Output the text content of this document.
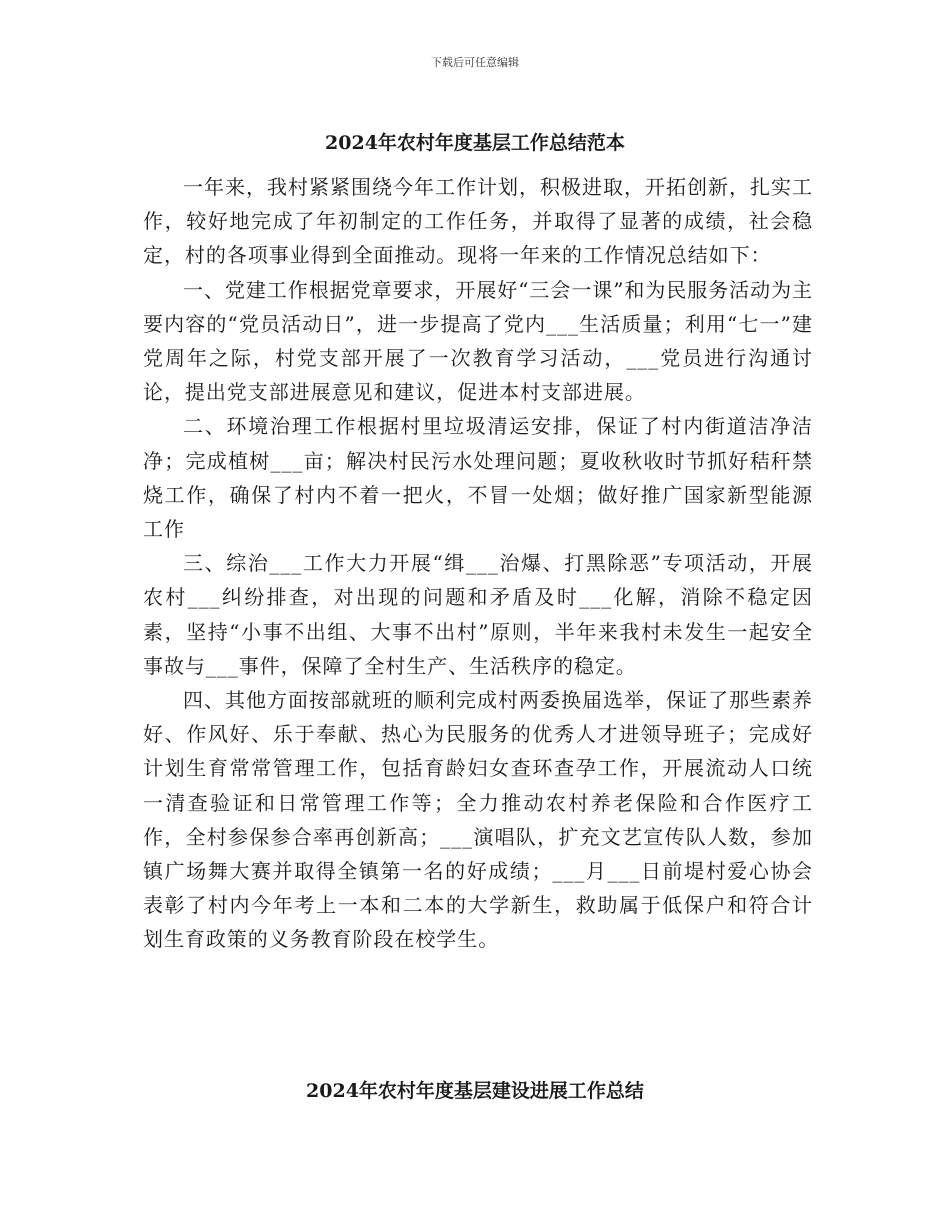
下载后可任意编辑
2024年农村年度基层工作总结范本

一年来，我村紧紧围绕今年工作计划，积极进取，开拓创新，扎实工作，较好地完成了年初制定的工作任务，并取得了显著的成绩，社会稳定，村的各项事业得到全面推动。现将一年来的工作情况总结如下：

一、党建工作根据党章要求，开展好“三会一课”和为民服务活动为主要内容的“党员活动日”，进一步提高了党内___生活质量；利用“七一”建党周年之际，村党支部开展了一次教育学习活动，___党员进行沟通讨论，提出党支部进展意见和建议，促进本村支部进展。

二、环境治理工作根据村里垃圾清运安排，保证了村内街道洁净洁净；完成植树___亩；解决村民污水处理问题；夏收秋收时节抓好秸秆禁烧工作，确保了村内不着一把火，不冒一处烟；做好推广国家新型能源工作

三、综治___工作大力开展“缉___治爆、打黑除恶”专项活动，开展农村___纠纷排查，对出现的问题和矛盾及时___化解，消除不稳定因素，坚持“小事不出组、大事不出村”原则，半年来我村未发生一起安全事故与___事件，保障了全村生产、生活秩序的稳定。

四、其他方面按部就班的顺利完成村两委换届选举，保证了那些素养好、作风好、乐于奉献、热心为民服务的优秀人才进领导班子；完成好计划生育常常管理工作，包括育龄妇女查环查孕工作，开展流动人口统一清查验证和日常管理工作等；全力推动农村养老保险和合作医疗工作，全村参保参合率再创新高；___演唱队，扩充文艺宣传队人数，参加镇广场舞大赛并取得全镇第一名的好成绩；___月___日前堤村爱心协会表彰了村内今年考上一本和二本的大学新生，救助属于低保户和符合计划生育政策的义务教育阶段在校学生。

2024年农村年度基层建设进展工作总结
